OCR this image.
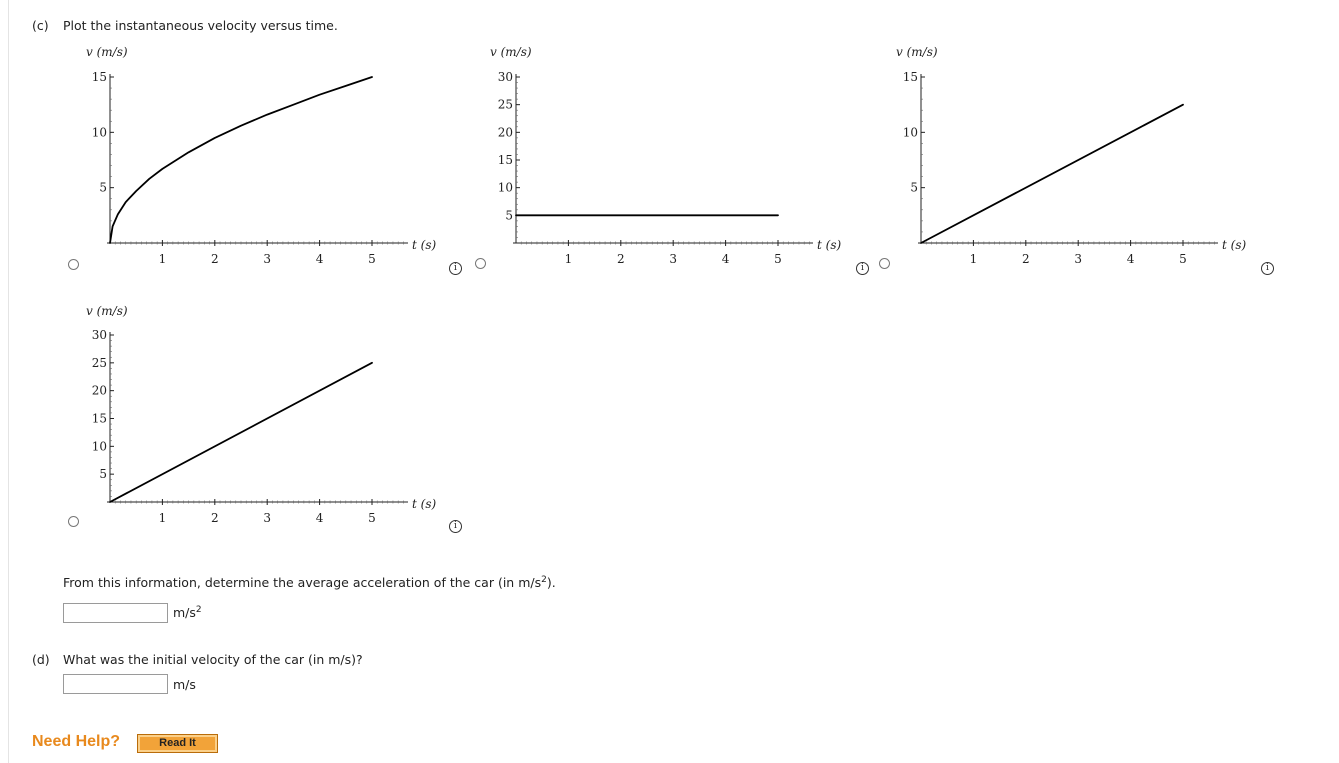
(c) Plot the instantaneous velocity versus time.
v (m/s)
1	2	3	4	5
5
10
15
t (s)
i
v (m/s)
1	2	3	4	5
5
10
15
20
25
30
t (s)
i
v (m/s)
1	2	3	4	5
5
10
15
t (s)
i
v (m/s)
1	2	3	4	5
5
10
15
20
25
30
t (s)
i
From this information, determine the average acceleration of the car (in $m/s^2$).
$m/s^2$
(d) What was the initial velocity of the car (in m/s)?
m/s
Need Help?	Read It
